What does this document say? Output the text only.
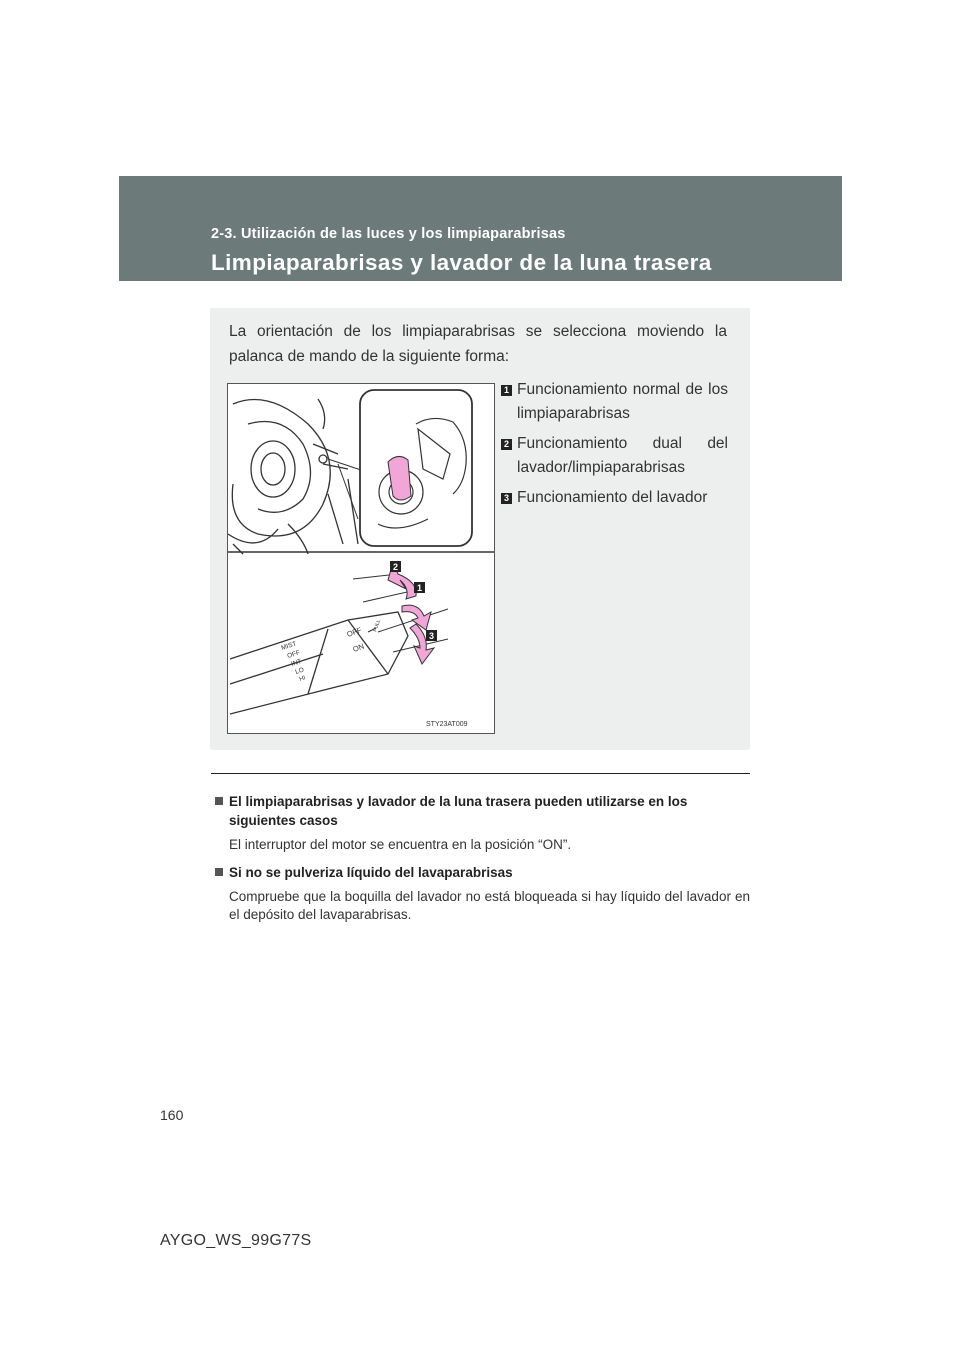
2-3. Utilización de las luces y los limpiaparabrisas
Limpiaparabrisas y lavador de la luna trasera
La orientación de los limpiaparabrisas se selecciona moviendo la palanca de mando de la siguiente forma:
2
1
3
MIST
OFF
INT
LO
HI
OFF
ON
PULL
STY23AT009
1 Funcionamiento normal de los limpiaparabrisas
2 Funcionamiento dual del lavador/limpiaparabrisas
3 Funcionamiento del lavador
El limpiaparabrisas y lavador de la luna trasera pueden utilizarse en los siguientes casos
El interruptor del motor se encuentra en la posición “ON”.
Si no se pulveriza líquido del lavaparabrisas
Compruebe que la boquilla del lavador no está bloqueada si hay líquido del lavador en el depósito del lavaparabrisas.
160
AYGO_WS_99G77S
